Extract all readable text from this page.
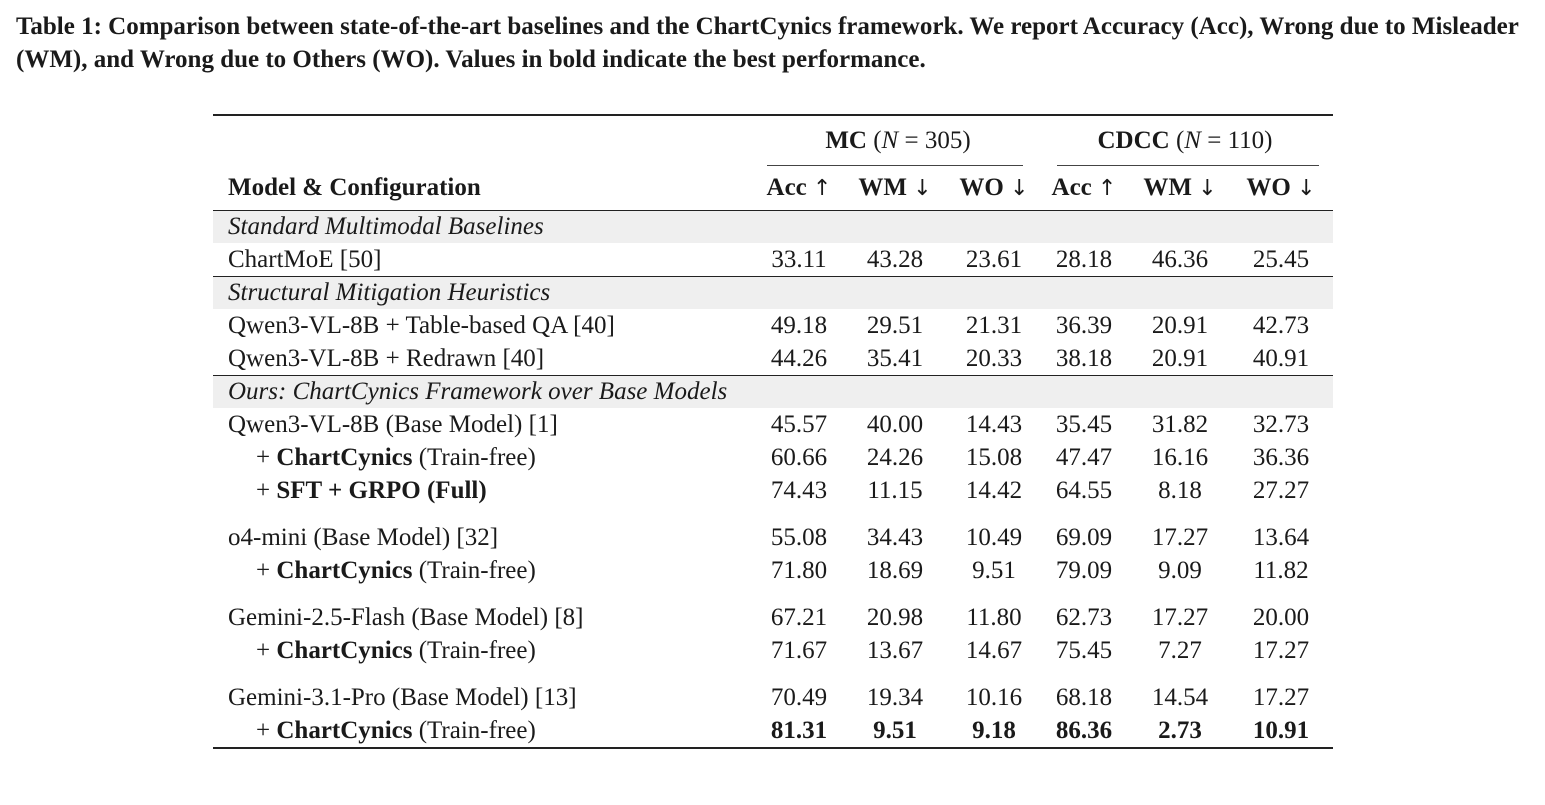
Table 1: Comparison between state-of-the-art baselines and the ChartCynics framework. We report Accuracy (Acc), Wrong due to Misleader (WM), and Wrong due to Others (WO). Values in bold indicate the best performance.

	MC (N = 305)			CDCC (N = 110)		

Model & Configuration	Acc ↑	WM ↓	WO ↓	Acc ↑	WM ↓	WO ↓
Standard Multimodal Baselines						
ChartMoE [50]	33.11	43.28	23.61	28.18	46.36	25.45
Structural Mitigation Heuristics						
Qwen3-VL-8B + Table-based QA [40]	49.18	29.51	21.31	36.39	20.91	42.73
Qwen3-VL-8B + Redrawn [40]	44.26	35.41	20.33	38.18	20.91	40.91
Ours: ChartCynics Framework over Base Models						
Qwen3-VL-8B (Base Model) [1]	45.57	40.00	14.43	35.45	31.82	32.73
+ ChartCynics (Train-free)	60.66	24.26	15.08	47.47	16.16	36.36
+ SFT + GRPO (Full)	74.43	11.15	14.42	64.55	8.18	27.27

o4-mini (Base Model) [32]	55.08	34.43	10.49	69.09	17.27	13.64
+ ChartCynics (Train-free)	71.80	18.69	9.51	79.09	9.09	11.82

Gemini-2.5-Flash (Base Model) [8]	67.21	20.98	11.80	62.73	17.27	20.00
+ ChartCynics (Train-free)	71.67	13.67	14.67	75.45	7.27	17.27

Gemini-3.1-Pro (Base Model) [13]	70.49	19.34	10.16	68.18	14.54	17.27
+ ChartCynics (Train-free)	81.31	9.51	9.18	86.36	2.73	10.91
